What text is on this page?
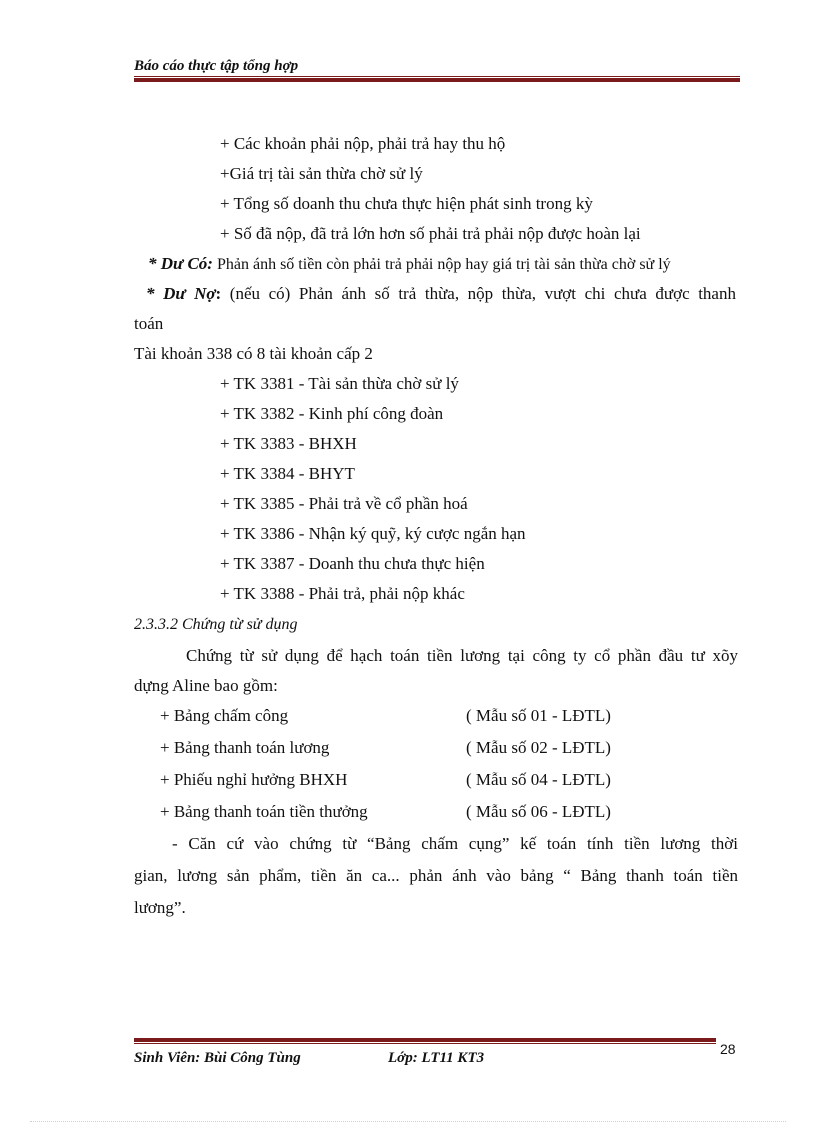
Báo cáo thực tập tổng hợp
+ Các khoản phải nộp, phải trả hay thu hộ
+Giá trị tài sản thừa chờ sử lý
+ Tổng số doanh thu chưa thực hiện phát sinh trong kỳ
+ Số đã nộp, đã trả lớn hơn số phải trả phải nộp được hoàn lại
* Dư Có: Phản ánh số tiền còn phải trả phải nộp hay giá trị tài sản thừa chờ sử lý
* Dư Nợ: (nếu có) Phản ánh số trả thừa, nộp thừa, vượt chi chưa được thanh
toán
Tài khoản 338 có 8 tài khoản cấp 2
+ TK 3381 - Tài sản thừa chờ sử lý
+ TK 3382 - Kinh phí công đoàn
+ TK 3383 - BHXH
+ TK 3384 - BHYT
+ TK 3385 - Phải trả về cổ phần hoá
+ TK 3386 - Nhận ký quỹ, ký cược ngắn hạn
+ TK 3387 - Doanh thu chưa thực hiện
+ TK 3388 - Phải trả, phải nộp khác
2.3.3.2 Chứng từ sử dụng
Chứng từ sử dụng để hạch toán tiền lương tại công ty cổ phần đầu tư xõy
dựng Aline bao gồm:
+ Bảng chấm công	( Mẫu số 01 - LĐTL)
+ Bảng thanh toán lương	( Mẫu số 02 - LĐTL)
+ Phiếu nghỉ hưởng BHXH	( Mẫu số 04 - LĐTL)
+ Bảng thanh toán tiền thưởng	( Mẫu số 06 - LĐTL)
- Căn cứ vào chứng từ “Bảng chấm cụng” kế toán tính tiền lương thời
gian, lương sản phẩm, tiền ăn ca... phản ánh vào bảng “ Bảng thanh toán tiền
lương”.
Sinh Viên: Bùi Công Tùng	Lớp: LT11 KT3
28
